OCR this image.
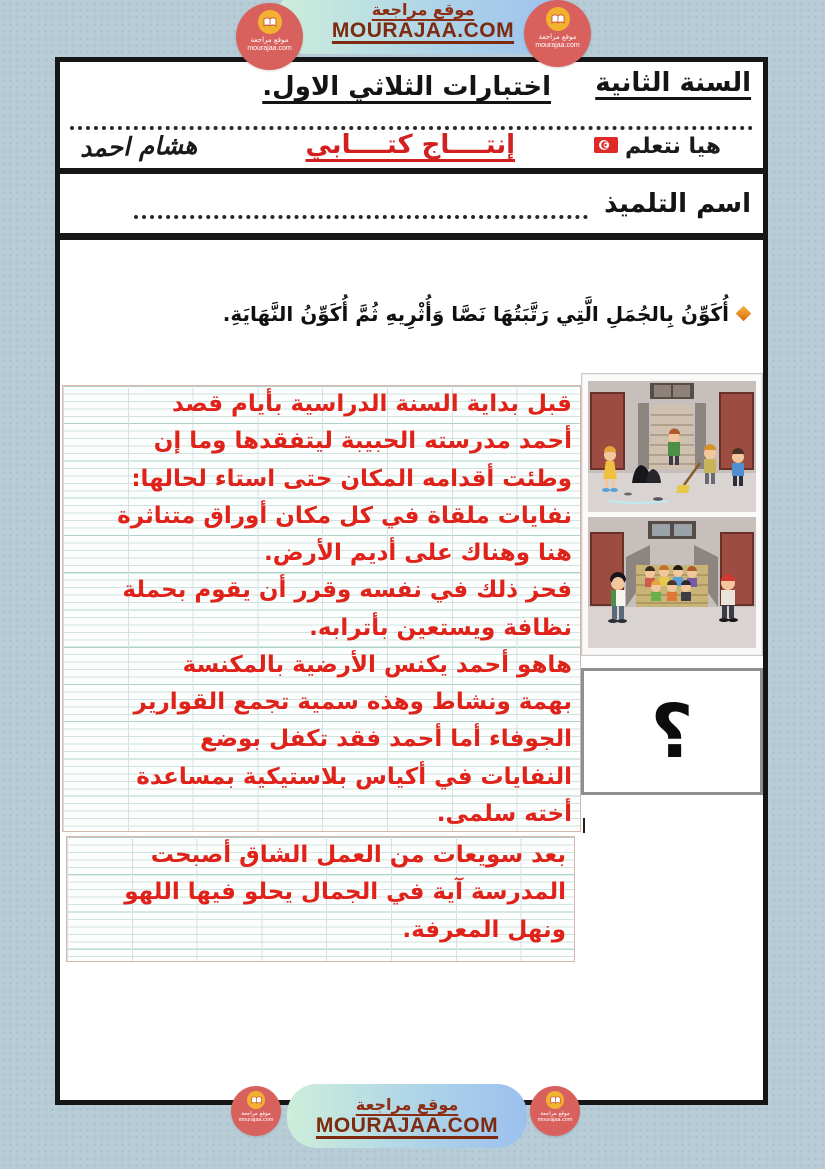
موقع مراجعة
MOURAJAA.COM
موقع مراجعة
mourajaa.com
موقع مراجعة
mourajaa.com
السنة الثانية
اختبارات الثلاثي الاول.
هيا نتعلم
إنتــــاج كتــــابي
هشام احمد
اسم التلميذ
أُكَوِّنُ بِالجُمَلِ الَّتِي رَتَّبَتُهَا نَصَّا وَأُثْرِيهِ ثُمَّ أُكَوِّنُ النَّهَايَةِ.
قبل بداية السنة الدراسية بأيام قصد
أحمد مدرسته الحبيبة ليتفقدها وما إن
وطئت أقدامه المكان حتى استاء لحالها:
نفايات ملقاة في كل مكان أوراق متناثرة
هنا وهناك على أديم الأرض.
فحز ذلك في نفسه وقرر أن يقوم بحملة
نظافة ويستعين بأترابه.
هاهو أحمد يكنس الأرضية بالمكنسة
بهمة ونشاط وهذه سمية تجمع القوارير
الجوفاء أما أحمد فقد تكفل بوضع
النفايات في أكياس بلاستيكية بمساعدة
أخته سلمى.
بعد سويعات من العمل الشاق أصبحت
المدرسة آية في الجمال يحلو فيها اللهو
ونهل المعرفة.
؟
موقع مراجعة
MOURAJAA.COM
موقع مراجعة
mourajaa.com
موقع مراجعة
mourajaa.com
